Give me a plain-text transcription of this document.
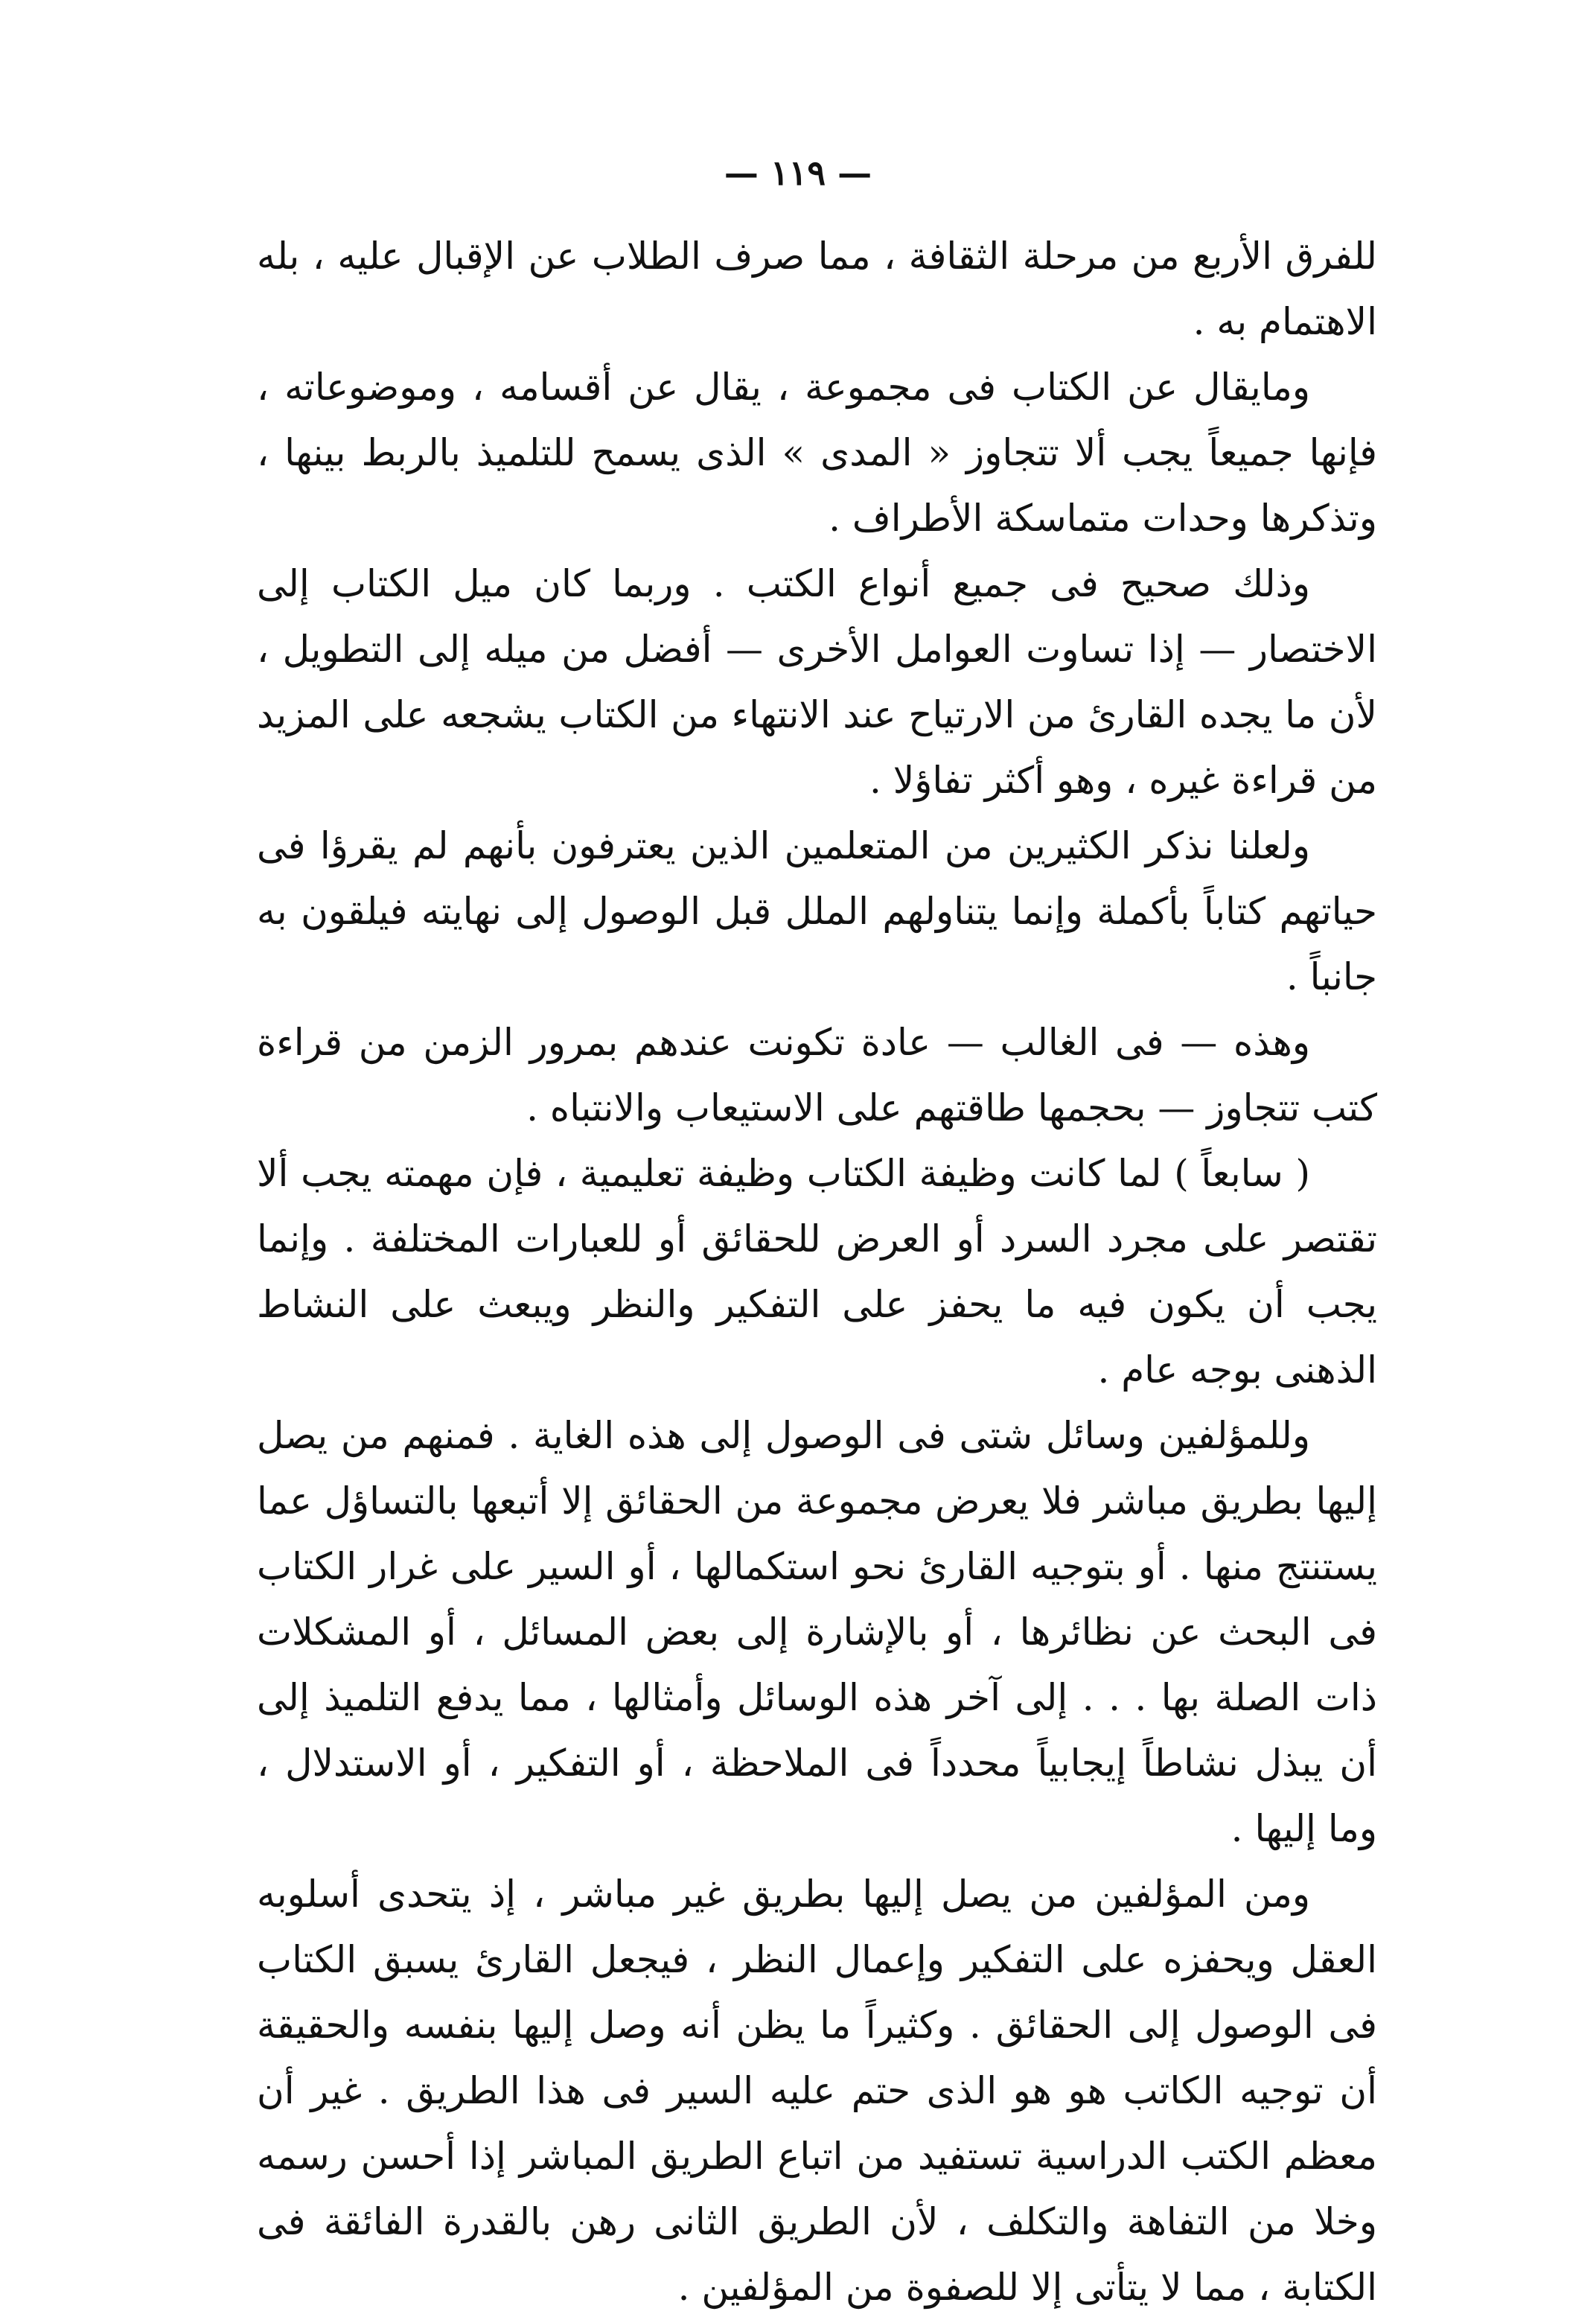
— ١١٩ —

للفرق الأربع من مرحلة الثقافة ، مما صرف الطلاب عن الإقبال عليه ، بله الاهتمام به .

ومايقال عن الكتاب فى مجموعة ، يقال عن أقسامه ، وموضوعاته ، فإنها جميعاً يجب ألا تتجاوز « المدى » الذى يسمح للتلميذ بالربط بينها ، وتذكرها وحدات متماسكة الأطراف .

وذلك صحيح فى جميع أنواع الكتب . وربما كان ميل الكتاب إلى الاختصار — إذا تساوت العوامل الأخرى — أفضل من ميله إلى التطويل ، لأن ما يجده القارئ من الارتياح عند الانتهاء من الكتاب يشجعه على المزيد من قراءة غيره ، وهو أكثر تفاؤلا .

ولعلنا نذكر الكثيرين من المتعلمين الذين يعترفون بأنهم لم يقرؤا فى حياتهم كتاباً بأكملة وإنما يتناولهم الملل قبل الوصول إلى نهايته فيلقون به جانباً .

وهذه — فى الغالب — عادة تكونت عندهم بمرور الزمن من قراءة كتب تتجاوز — بحجمها طاقتهم على الاستيعاب والانتباه .

( سابعاً ) لما كانت وظيفة الكتاب وظيفة تعليمية ، فإن مهمته يجب ألا تقتصر على مجرد السرد أو العرض للحقائق أو للعبارات المختلفة . وإنما يجب أن يكون فيه ما يحفز على التفكير والنظر ويبعث على النشاط الذهنى بوجه عام .

وللمؤلفين وسائل شتى فى الوصول إلى هذه الغاية . فمنهم من يصل إليها بطريق مباشر فلا يعرض مجموعة من الحقائق إلا أتبعها بالتساؤل عما يستنتج منها . أو بتوجيه القارئ نحو استكمالها ، أو السير على غرار الكتاب فى البحث عن نظائرها ، أو بالإشارة إلى بعض المسائل ، أو المشكلات ذات الصلة بها . . . إلى آخر هذه الوسائل وأمثالها ، مما يدفع التلميذ إلى أن يبذل نشاطاً إيجابياً محدداً فى الملاحظة ، أو التفكير ، أو الاستدلال ، وما إليها .

ومن المؤلفين من يصل إليها بطريق غير مباشر ، إذ يتحدى أسلوبه العقل ويحفزه على التفكير وإعمال النظر ، فيجعل القارئ يسبق الكتاب فى الوصول إلى الحقائق . وكثيراً ما يظن أنه وصل إليها بنفسه والحقيقة أن توجيه الكاتب هو هو الذى حتم عليه السير فى هذا الطريق . غير أن معظم الكتب الدراسية تستفيد من اتباع الطريق المباشر إذا أحسن رسمه وخلا من التفاهة والتكلف ، لأن الطريق الثانى رهن بالقدرة الفائقة فى الكتابة ، مما لا يتأتى إلا للصفوة من المؤلفين .
